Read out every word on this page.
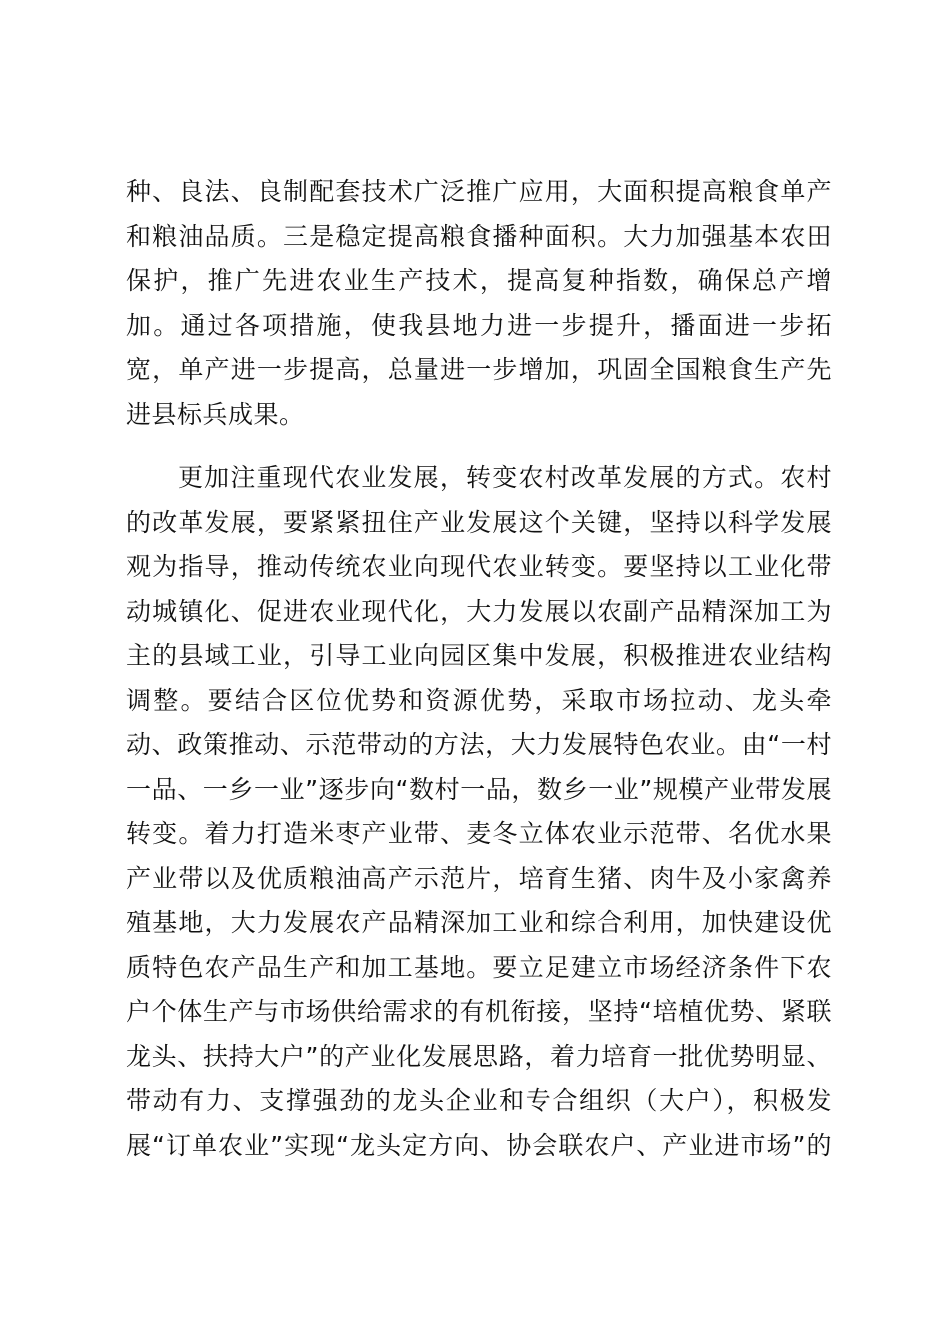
种、良法、良制配套技术广泛推广应用，大面积提高粮食单产
和粮油品质。三是稳定提高粮食播种面积。大力加强基本农田
保护，推广先进农业生产技术，提高复种指数，确保总产增
加。通过各项措施，使我县地力进一步提升，播面进一步拓
宽，单产进一步提高，总量进一步增加，巩固全国粮食生产先
进县标兵成果。
更加注重现代农业发展，转变农村改革发展的方式。农村
的改革发展，要紧紧扭住产业发展这个关键，坚持以科学发展
观为指导，推动传统农业向现代农业转变。要坚持以工业化带
动城镇化、促进农业现代化，大力发展以农副产品精深加工为
主的县域工业，引导工业向园区集中发展，积极推进农业结构
调整。要结合区位优势和资源优势，采取市场拉动、龙头牵
动、政策推动、示范带动的方法，大力发展特色农业。由“一村
一品、一乡一业”逐步向“数村一品，数乡一业”规模产业带发展
转变。着力打造米枣产业带、麦冬立体农业示范带、名优水果
产业带以及优质粮油高产示范片，培育生猪、肉牛及小家禽养
殖基地，大力发展农产品精深加工业和综合利用，加快建设优
质特色农产品生产和加工基地。要立足建立市场经济条件下农
户个体生产与市场供给需求的有机衔接，坚持“培植优势、紧联
龙头、扶持大户”的产业化发展思路，着力培育一批优势明显、
带动有力、支撑强劲的龙头企业和专合组织（大户），积极发
展“订单农业”实现“龙头定方向、协会联农户、产业进市场”的
